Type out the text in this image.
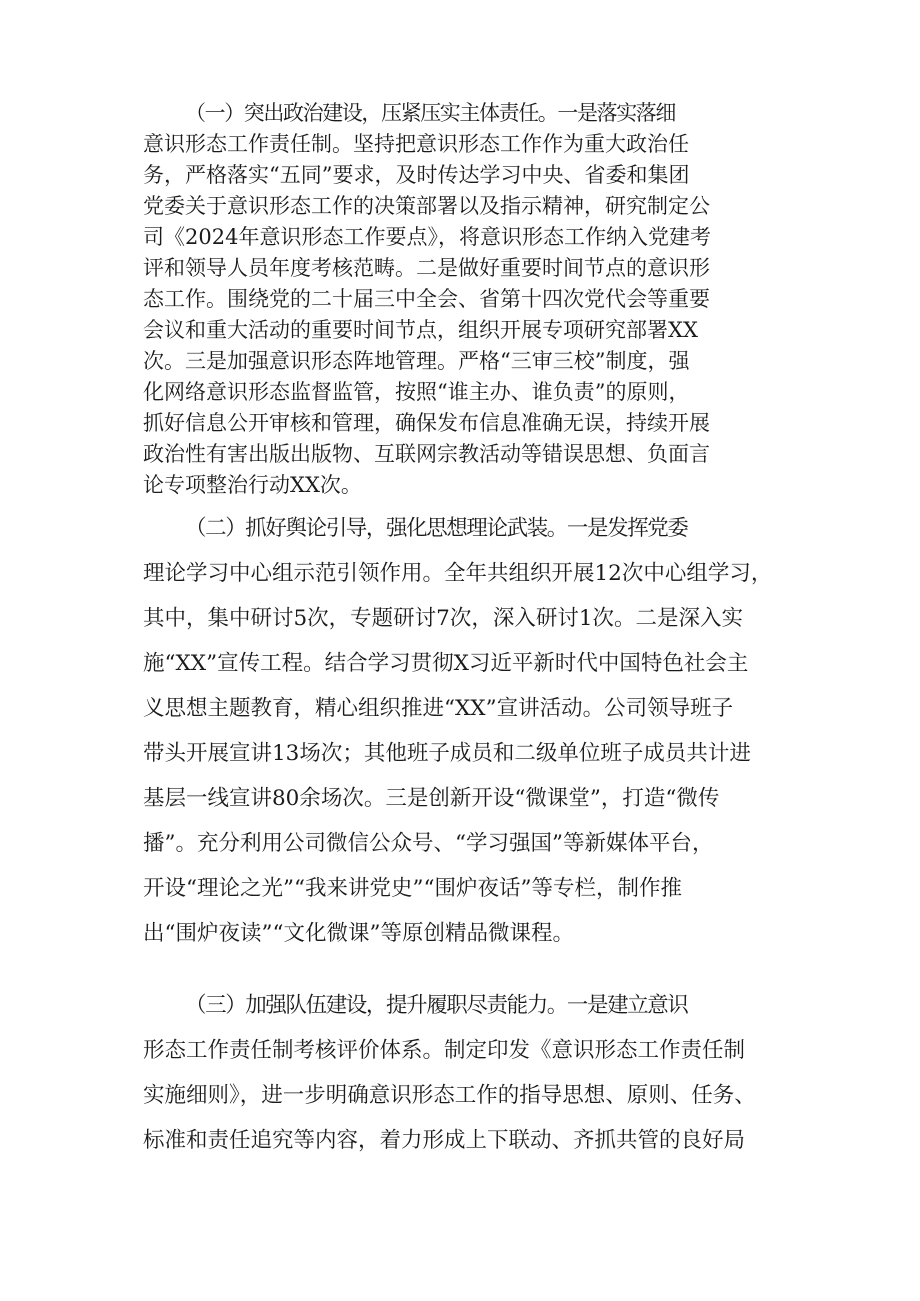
（一）突出政治建设，压紧压实主体责任。一是落实落细
意识形态工作责任制。坚持把意识形态工作作为重大政治任
务，严格落实“五同”要求，及时传达学习中央、省委和集团
党委关于意识形态工作的决策部署以及指示精神，研究制定公
司《2024年意识形态工作要点》，将意识形态工作纳入党建考
评和领导人员年度考核范畴。二是做好重要时间节点的意识形
态工作。围绕党的二十届三中全会、省第十四次党代会等重要
会议和重大活动的重要时间节点，组织开展专项研究部署XX
次。三是加强意识形态阵地管理。严格“三审三校”制度，强
化网络意识形态监督监管，按照“谁主办、谁负责”的原则，
抓好信息公开审核和管理，确保发布信息准确无误，持续开展
政治性有害出版出版物、互联网宗教活动等错误思想、负面言
论专项整治行动XX次。
（二）抓好舆论引导，强化思想理论武装。一是发挥党委
理论学习中心组示范引领作用。全年共组织开展12次中心组学习，
其中，集中研讨5次，专题研讨7次，深入研讨1次。二是深入实
施“XX”宣传工程。结合学习贯彻X习近平新时代中国特色社会主
义思想主题教育，精心组织推进“XX”宣讲活动。公司领导班子
带头开展宣讲13场次；其他班子成员和二级单位班子成员共计进
基层一线宣讲80余场次。三是创新开设“微课堂”，打造“微传
播”。充分利用公司微信公众号、“学习强国”等新媒体平台，
开设“理论之光”“我来讲党史”“围炉夜话”等专栏，制作推
出“围炉夜读”“文化微课”等原创精品微课程。
（三）加强队伍建设，提升履职尽责能力。一是建立意识
形态工作责任制考核评价体系。制定印发《意识形态工作责任制
实施细则》，进一步明确意识形态工作的指导思想、原则、任务、
标准和责任追究等内容，着力形成上下联动、齐抓共管的良好局
